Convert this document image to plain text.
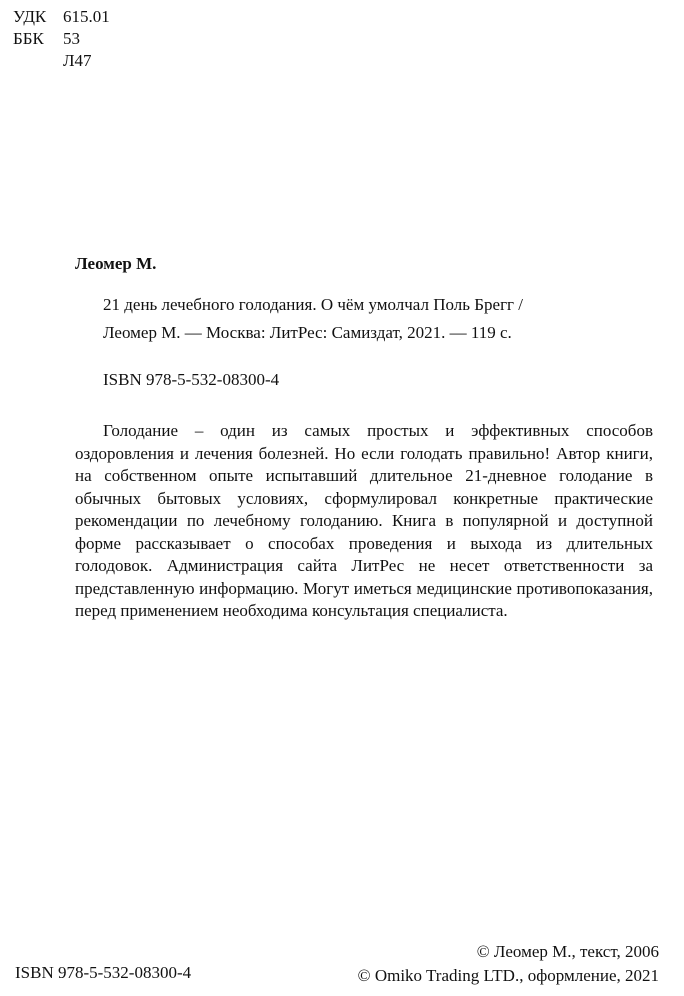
УДК 615.01
ББК	53
Л47
Леомер М.
21 день лечебного голодания. О чём умолчал Поль Брегг /
Леомер М. — Москва: ЛитРес: Самиздат, 2021. — 119 с.
ISBN 978-5-532-08300-4

Голодание – один из самых простых и эффективных способов оздоровления и лечения болезней. Но если голодать правильно! Автор книги, на собственном опыте испытавший длительное 21-дневное голодание в обычных бытовых условиях, сформулировал конкретные практические рекомендации по лечебному голоданию. Книга в популярной и доступной форме рассказывает о способах проведения и выхода из длительных голодовок. Администрация сайта ЛитРес не несет ответственности за представленную информацию. Могут иметься медицинские противопоказания, перед применением необходима консультация специалиста.

ISBN 978-5-532-08300-4
© Леомер М., текст, 2006
© Omiko Trading LTD., оформление, 2021
